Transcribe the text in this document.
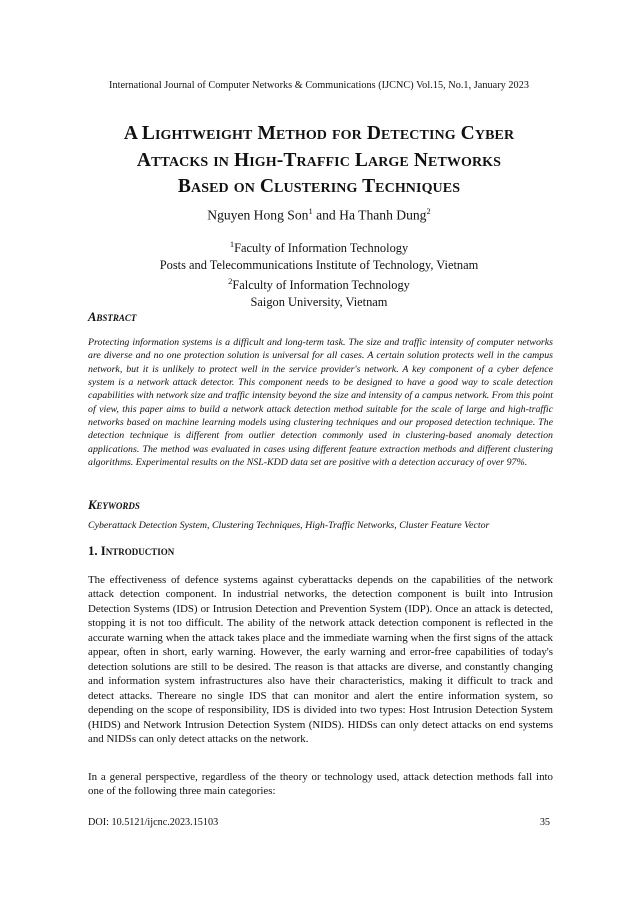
International Journal of Computer Networks & Communications (IJCNC) Vol.15, No.1, January 2023
A Lightweight Method for Detecting Cyber
Attacks in High-Traffic Large Networks
Based on Clustering Techniques
Nguyen Hong Son$^1$ and Ha Thanh Dung$^2$
$^1$Faculty of Information Technology
Posts and Telecommunications Institute of Technology, Vietnam
$^2$Falculty of Information Technology
Saigon University, Vietnam
Abstract
Protecting information systems is a difficult and long-term task. The size and traffic intensity of computer networks are diverse and no one protection solution is universal for all cases. A certain solution protects well in the campus network, but it is unlikely to protect well in the service provider's network. A key component of a cyber defence system is a network attack detector. This component needs to be designed to have a good way to scale detection capabilities with network size and traffic intensity beyond the size and intensity of a campus network. From this point of view, this paper aims to build a network attack detection method suitable for the scale of large and high-traffic networks based on machine learning models using clustering techniques and our proposed detection technique. The detection technique is different from outlier detection commonly used in clustering-based anomaly detection applications. The method was evaluated in cases using different feature extraction methods and different clustering algorithms. Experimental results on the NSL-KDD data set are positive with a detection accuracy of over 97%.
Keywords
Cyberattack Detection System, Clustering Techniques, High-Traffic Networks, Cluster Feature Vector
1. Introduction
The effectiveness of defence systems against cyberattacks depends on the capabilities of the network attack detection component. In industrial networks, the detection component is built into Intrusion Detection Systems (IDS) or Intrusion Detection and Prevention System (IDP). Once an attack is detected, stopping it is not too difficult. The ability of the network attack detection component is reflected in the accurate warning when the attack takes place and the immediate warning when the first signs of the attack appear, often in short, early warning. However, the early warning and error-free capabilities of today's detection solutions are still to be desired. The reason is that attacks are diverse, and constantly changing and information system infrastructures also have their characteristics, making it difficult to track and detect attacks. Thereare no single IDS that can monitor and alert the entire information system, so depending on the scope of responsibility, IDS is divided into two types: Host Intrusion Detection System (HIDS) and Network Intrusion Detection System (NIDS). HIDSs can only detect attacks on end systems and NIDSs can only detect attacks on the network.
In a general perspective, regardless of the theory or technology used, attack detection methods fall into one of the following three main categories:
DOI: 10.5121/ijcnc.2023.15103	35
